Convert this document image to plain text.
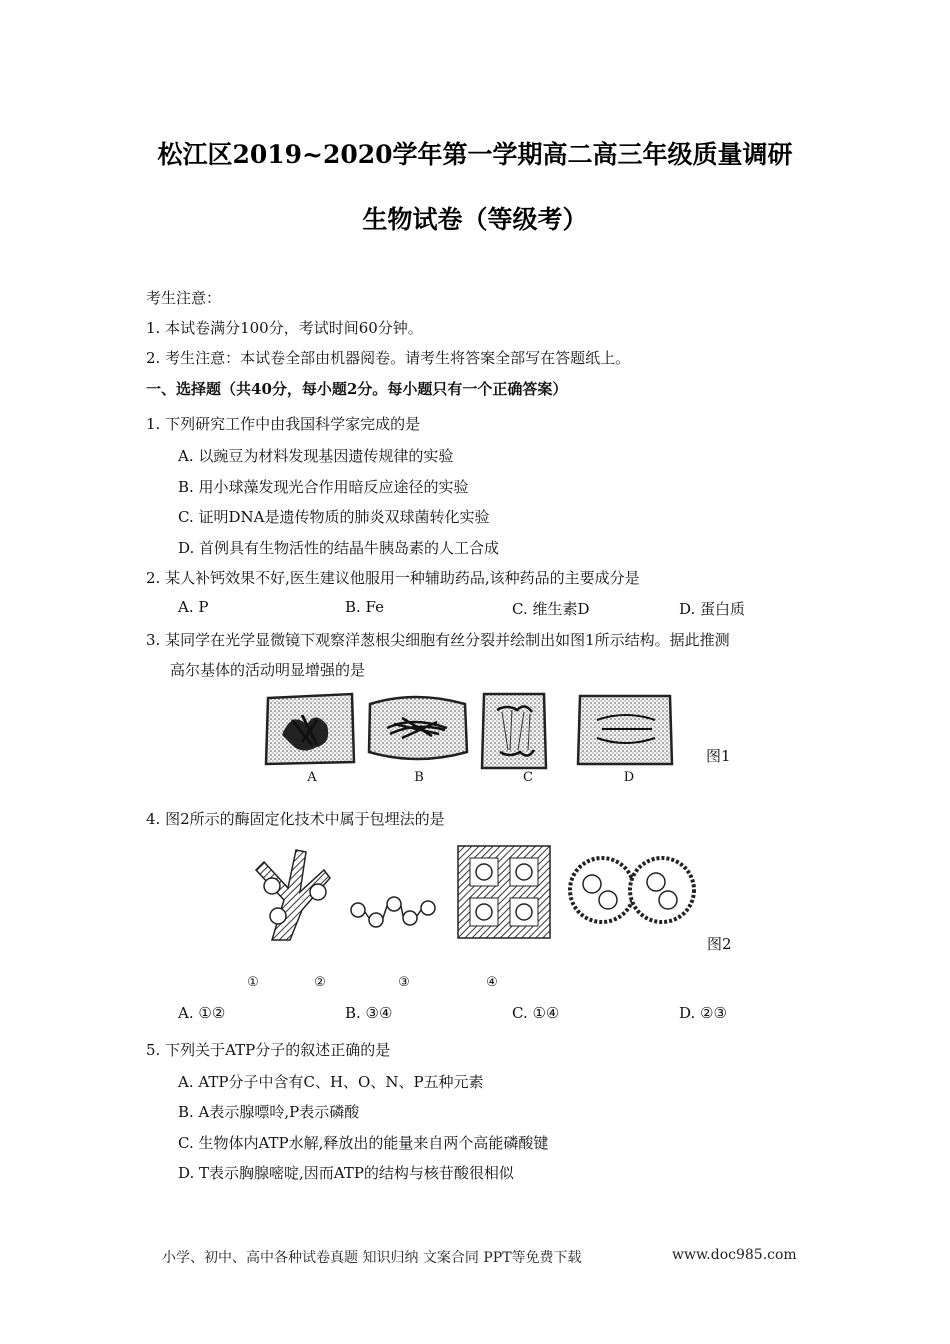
松江区2019~2020学年第一学期高二高三年级质量调研
生物试卷（等级考）
考生注意：
1. 本试卷满分100分，考试时间60分钟。
2. 考生注意：本试卷全部由机器阅卷。请考生将答案全部写在答题纸上。
一、选择题（共40分，每小题2分。每小题只有一个正确答案）
1. 下列研究工作中由我国科学家完成的是
A. 以豌豆为材料发现基因遗传规律的实验
B. 用小球藻发现光合作用暗反应途径的实验
C. 证明DNA是遗传物质的肺炎双球菌转化实验
D. 首例具有生物活性的结晶牛胰岛素的人工合成
2. 某人补钙效果不好,医生建议他服用一种辅助药品,该种药品的主要成分是
A. P	B. Fe	C. 维生素D	D. 蛋白质
3. 某同学在光学显微镜下观察洋葱根尖细胞有丝分裂并绘制出如图1所示结构。据此推测
高尔基体的活动明显增强的是
A	B	C	D
图1
4. 图2所示的酶固定化技术中属于包埋法的是
图2
①	②	③	④
A. ①②	B. ③④	C. ①④	D. ②③
5. 下列关于ATP分子的叙述正确的是
A. ATP分子中含有C、H、O、N、P五种元素
B. A表示腺嘌呤,P表示磷酸
C. 生物体内ATP水解,释放出的能量来自两个高能磷酸键
D. T表示胸腺嘧啶,因而ATP的结构与核苷酸很相似
小学、初中、高中各种试卷真题 知识归纳 文案合同 PPT等免费下载	www.doc985.com
